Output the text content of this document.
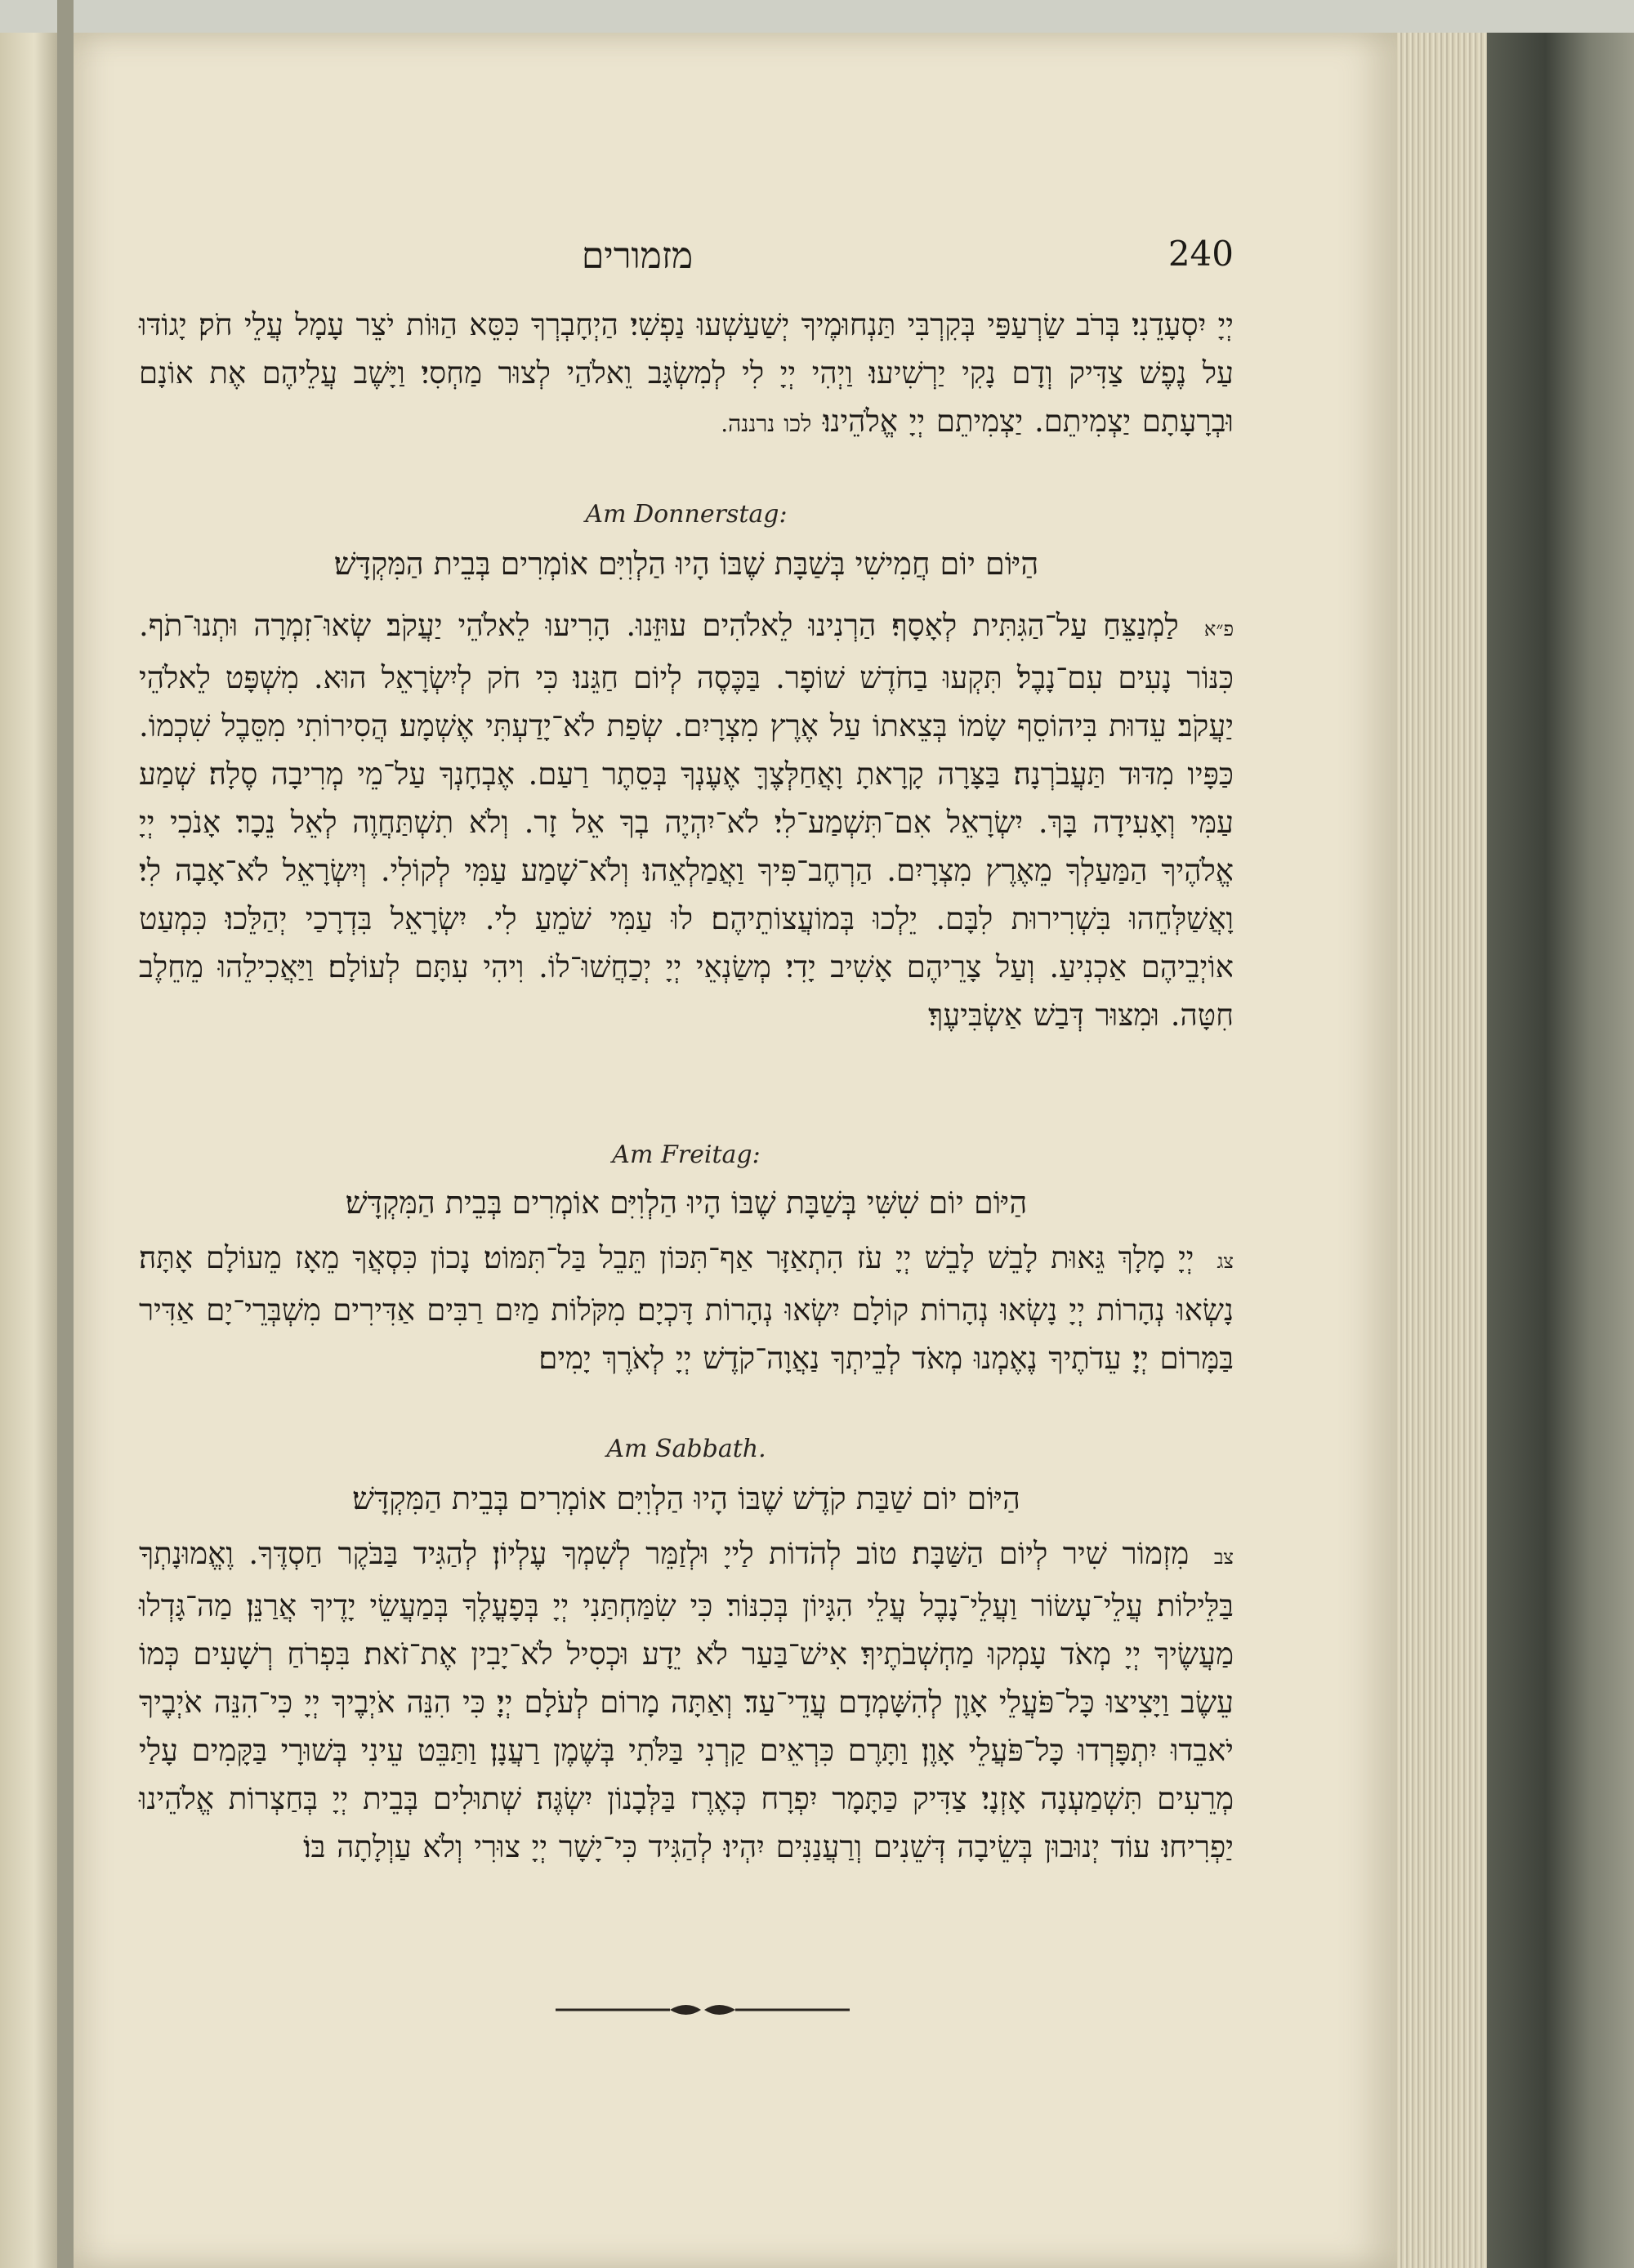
מזמורים	240
יְיָ יִסְעָדֵנִי׃ בְּרֹב שַׂרְעַפַּי בְּקִרְבִּי תַּנְחוּמֶיךָ יְשַׁעַשְׁעוּ נַפְשִׁי׃ הַיְחָבְרְךָ כִּסֵּא הַוּוֹת יֹצֵר עָמָל עֲלֵי חֹק׃ יָגוֹדּוּ עַל נֶפֶשׁ צַדִּיק וְדָם נָקִי יַרְשִׁיעוּ׃ וַיְהִי יְיָ לִי לְמִשְׂגָּב וֵאלֹהַי לְצוּר מַחְסִי׃ וַיָּשֶׁב עֲלֵיהֶם אֶת אוֹנָם וּבְרָעָתָם יַצְמִיתֵם. יַצְמִיתֵם יְיָ אֱלֹהֵינוּ׃ לכו נרננה.
Am Donnerstag:
הַיּוֹם יוֹם חֲמִישִׁי בְּשַׁבָּת שֶׁבּוֹ הָיוּ הַלְוִיִּם אוֹמְרִים בְּבֵית הַמִּקְדָּשׁ׃
פ״א לַמְנַצֵּחַ עַל־הַגִּתִּית לְאָסָף׃ הַרְנִינוּ לֵאלֹהִים עוּזֵּנוּ. הָרִיעוּ לֵאלֹהֵי יַעֲקֹב׃ שְׂאוּ־זִמְרָה וּתְנוּ־תֹף. כִּנּוֹר נָעִים עִם־נָבֶל׃ תִּקְעוּ בַחֹדֶשׁ שׁוֹפָר. בַּכֶּסֶה לְיוֹם חַגֵּנוּ׃ כִּי חֹק לְיִשְׂרָאֵל הוּא. מִשְׁפָּט לֵאלֹהֵי יַעֲקֹב׃ עֵדוּת בִּיהוֹסֵף שָׂמוֹ בְּצֵאתוֹ עַל אֶרֶץ מִצְרָיִם. שְׂפַת לֹא־יָדַעְתִּי אֶשְׁמָע׃ הֲסִירוֹתִי מִסֵּבֶל שִׁכְמוֹ. כַּפָּיו מִדּוּד תַּעֲבֹרְנָה׃ בַּצָּרָה קָרָאתָ וָאֲחַלְּצֶךָּ אֶעֶנְךָ בְּסֵתֶר רַעַם. אֶבְחָנְךָ עַל־מֵי מְרִיבָה סֶלָה׃ שְׁמַע עַמִּי וְאָעִידָה בָּךְ. יִשְׂרָאֵל אִם־תִּשְׁמַע־לִי׃ לֹא־יִהְיֶה בְךָ אֵל זָר. וְלֹא תִשְׁתַּחֲוֶה לְאֵל נֵכָר׃ אָנֹכִי יְיָ אֱלֹהֶיךָ הַמַּעַלְךָ מֵאֶרֶץ מִצְרָיִם. הַרְחֶב־פִּיךָ וַאֲמַלְאֵהוּ׃ וְלֹא־שָׁמַע עַמִּי לְקוֹלִי. וְיִשְׂרָאֵל לֹא־אָבָה לִי׃ וָאֲשַׁלְּחֵהוּ בִּשְׁרִירוּת לִבָּם. יֵלְכוּ בְּמוֹעֲצוֹתֵיהֶם׃ לוּ עַמִּי שֹׁמֵעַ לִי. יִשְׂרָאֵל בִּדְרָכַי יְהַלֵּכוּ׃ כִּמְעַט אוֹיְבֵיהֶם אַכְנִיעַ. וְעַל צָרֵיהֶם אָשִׁיב יָדִי׃ מְשַׂנְאֵי יְיָ יְכַחֲשׁוּ־לוֹ. וִיהִי עִתָּם לְעוֹלָם׃ וַיַּאֲכִילֵהוּ מֵחֵלֶב חִטָּה. וּמִצּוּר דְּבַשׁ אַשְׂבִּיעֶךָ׃
Am Freitag:
הַיּוֹם יוֹם שִׁשִּׁי בְּשַׁבָּת שֶׁבּוֹ הָיוּ הַלְוִיִּם אוֹמְרִים בְּבֵית הַמִּקְדָּשׁ׃
צג יְיָ מָלָךְ גֵּאוּת לָבֵשׁ לָבֵשׁ יְיָ עֹז הִתְאַזָּר אַף־תִּכּוֹן תֵּבֵל בַּל־תִּמּוֹט׃ נָכוֹן כִּסְאֲךָ מֵאָז מֵעוֹלָם אָתָּה׃ נָשְׂאוּ נְהָרוֹת יְיָ נָשְׂאוּ נְהָרוֹת קוֹלָם יִשְׂאוּ נְהָרוֹת דָּכְיָם׃ מִקֹּלוֹת מַיִם רַבִּים אַדִּירִים מִשְׁבְּרֵי־יָם אַדִּיר בַּמָּרוֹם יְיָ׃ עֵדֹתֶיךָ נֶאֶמְנוּ מְאֹד לְבֵיתְךָ נַאֲוָה־קֹדֶשׁ יְיָ לְאֹרֶךְ יָמִים׃
Am Sabbath.
הַיּוֹם יוֹם שַׁבַּת קֹדֶשׁ שֶׁבּוֹ הָיוּ הַלְוִיִּם אוֹמְרִים בְּבֵית הַמִּקְדָּשׁ׃
צב מִזְמוֹר שִׁיר לְיוֹם הַשַּׁבָּת׃ טוֹב לְהֹדוֹת לַייָ וּלְזַמֵּר לְשִׁמְךָ עֶלְיוֹן׃ לְהַגִּיד בַּבֹּקֶר חַסְדֶּךָ. וֶאֱמוּנָתְךָ בַּלֵּילוֹת׃ עֲלֵי־עָשׂוֹר וַעֲלֵי־נָבֶל עֲלֵי הִגָּיוֹן בְּכִנּוֹר׃ כִּי שִׂמַּחְתַּנִי יְיָ בְּפָעֳלֶךָ בְּמַעֲשֵׂי יָדֶיךָ אֲרַנֵּן׃ מַה־גָּדְלוּ מַעֲשֶׂיךָ יְיָ מְאֹד עָמְקוּ מַחְשְׁבֹתֶיךָ׃ אִישׁ־בַּעַר לֹא יֵדָע וּכְסִיל לֹא־יָבִין אֶת־זֹאת׃ בִּפְרֹחַ רְשָׁעִים כְּמוֹ עֵשֶׂב וַיָּצִיצוּ כָּל־פֹּעֲלֵי אָוֶן לְהִשָּׁמְדָם עֲדֵי־עַד׃ וְאַתָּה מָרוֹם לְעֹלָם יְיָ׃ כִּי הִנֵּה אֹיְבֶיךָ יְיָ כִּי־הִנֵּה אֹיְבֶיךָ יֹאבֵדוּ יִתְפָּרְדוּ כָּל־פֹּעֲלֵי אָוֶן׃ וַתָּרֶם כִּרְאֵים קַרְנִי בַּלֹּתִי בְּשֶׁמֶן רַעֲנָן׃ וַתַּבֵּט עֵינִי בְּשׁוּרָי בַּקָּמִים עָלַי מְרֵעִים תִּשְׁמַעְנָה אָזְנָי׃ צַדִּיק כַּתָּמָר יִפְרָח כְּאֶרֶז בַּלְּבָנוֹן יִשְׂגֶּה׃ שְׁתוּלִים בְּבֵית יְיָ בְּחַצְרוֹת אֱלֹהֵינוּ יַפְרִיחוּ׃ עוֹד יְנוּבוּן בְּשֵׂיבָה דְּשֵׁנִים וְרַעֲנַנִּים יִהְיוּ׃ לְהַגִּיד כִּי־יָשָׁר יְיָ צוּרִי וְלֹא עַוְלָתָה בּוֹ׃
